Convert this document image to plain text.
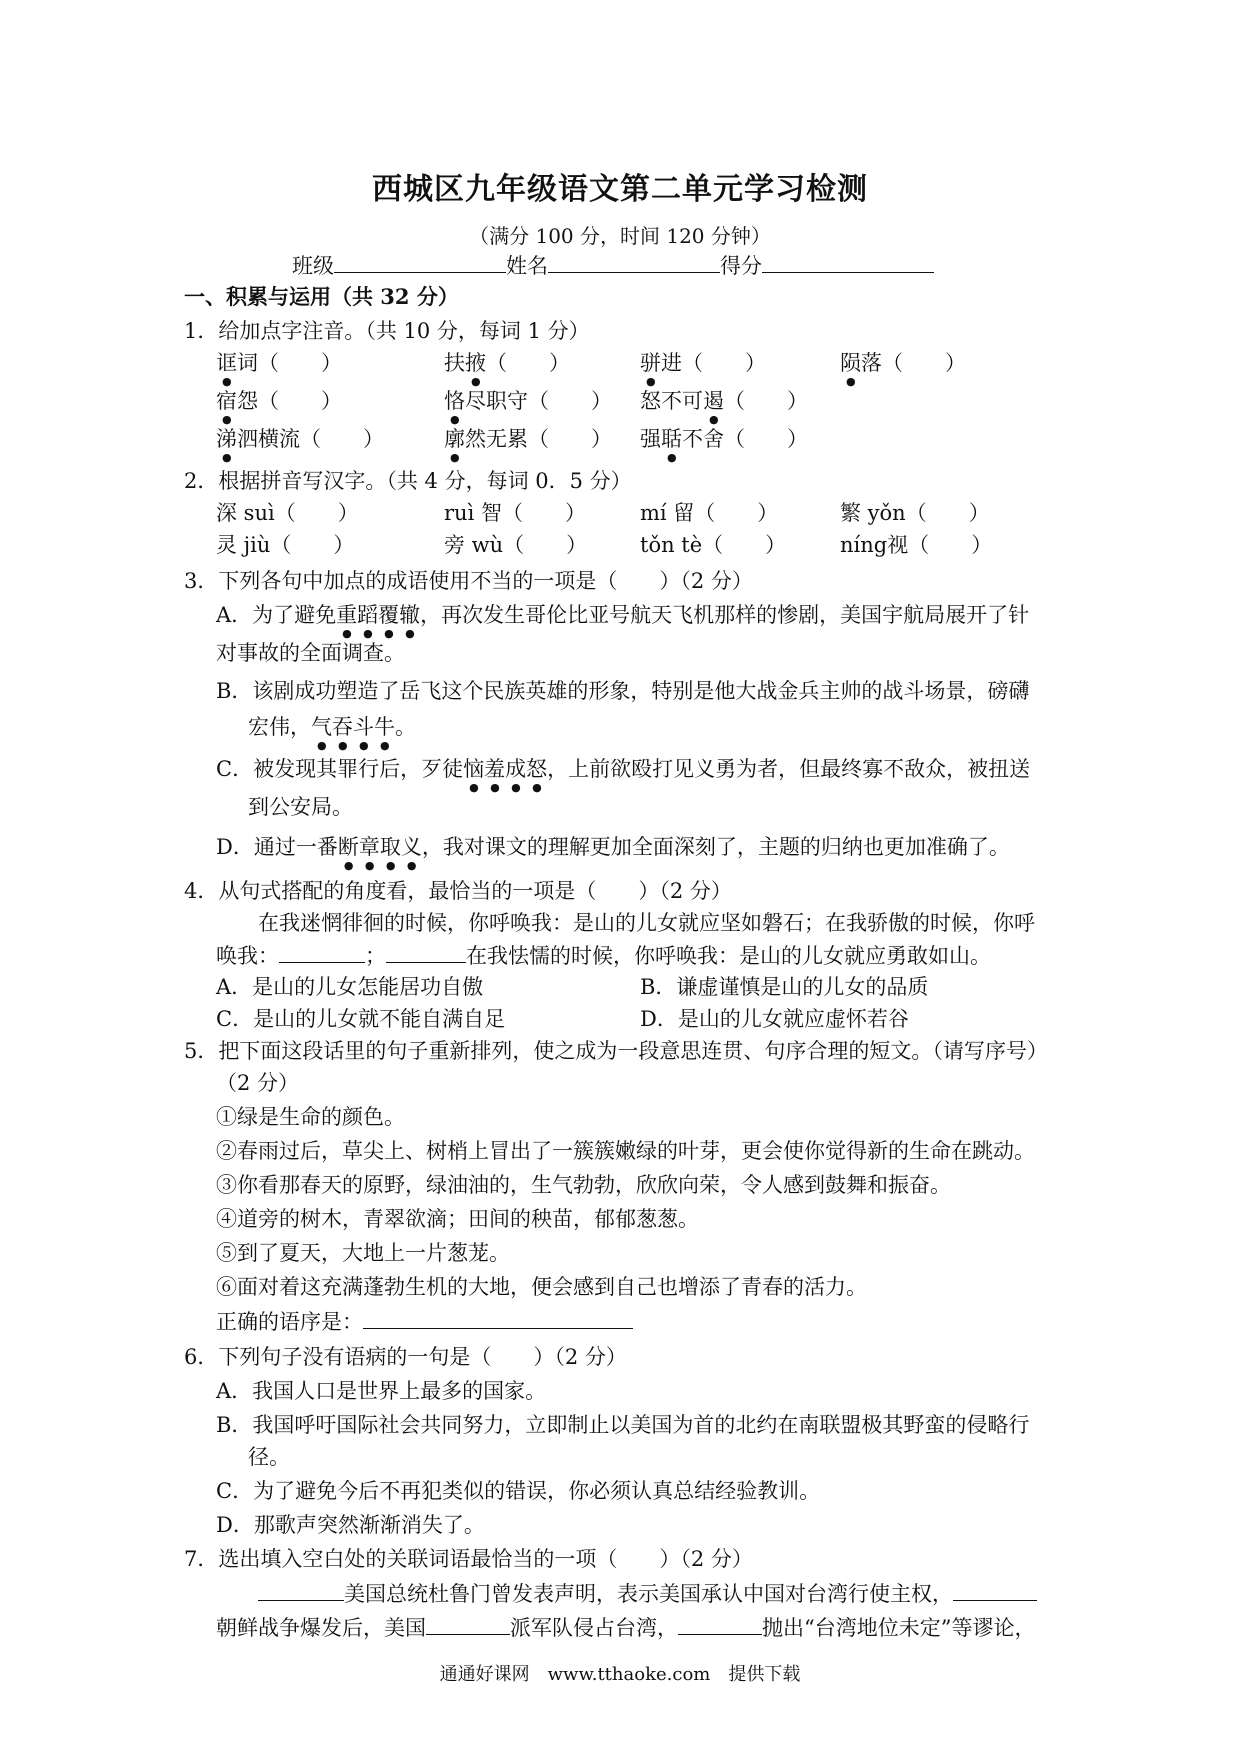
西城区九年级语文第二单元学习检测
（满分 100 分，时间 120 分钟）
班级	姓名	得分
一、积累与运用（共 32 分）
1．给加点字注音。（共 10 分，每词 1 分）
诓词（　　）	扶掖（　　）	骈进（　　）	陨落（　　）
宿怨（　　）	恪尽职守（　　） 怒不可遏（　　）
涕泗横流（　　）	廓然无累（　　） 强聒不舍（　　）
2．根据拼音写汉字。（共 4 分，每词 0．5 分）
深 suì（　　）	ruì 智（　　）	mí 留（　　）	繁 yǒn（　　）
灵 jiù（　　）	旁 wù（　　）	tǒn tè（　　）	níng视（　　）
3．下列各句中加点的成语使用不当的一项是（　　）（2 分）
A．为了避免重蹈覆辙，再次发生哥伦比亚号航天飞机那样的惨剧，美国宇航局展开了针
对事故的全面调查。
B．该剧成功塑造了岳飞这个民族英雄的形象，特别是他大战金兵主帅的战斗场景，磅礴
宏伟，气吞斗牛。
C．被发现其罪行后，歹徒恼羞成怒，上前欲殴打见义勇为者，但最终寡不敌众，被扭送
到公安局。
D．通过一番断章取义，我对课文的理解更加全面深刻了，主题的归纳也更加准确了。
4．从句式搭配的角度看，最恰当的一项是（　　）（2 分）
在我迷惘徘徊的时候，你呼唤我：是山的儿女就应坚如磐石；在我骄傲的时候，你呼
唤我：	；	在我怯懦的时候，你呼唤我：是山的儿女就应勇敢如山。
A．是山的儿女怎能居功自傲	B．谦虚谨慎是山的儿女的品质
C．是山的儿女就不能自满自足	D．是山的儿女就应虚怀若谷
5．把下面这段话里的句子重新排列，使之成为一段意思连贯、句序合理的短文。（请写序号）
（2 分）
①绿是生命的颜色。
②春雨过后，草尖上、树梢上冒出了一簇簇嫩绿的叶芽，更会使你觉得新的生命在跳动。
③你看那春天的原野，绿油油的，生气勃勃，欣欣向荣，令人感到鼓舞和振奋。
④道旁的树木，青翠欲滴；田间的秧苗，郁郁葱葱。
⑤到了夏天，大地上一片葱茏。
⑥面对着这充满蓬勃生机的大地，便会感到自己也增添了青春的活力。
正确的语序是：
6．下列句子没有语病的一句是（　　）（2 分）
A．我国人口是世界上最多的国家。
B．我国呼吁国际社会共同努力，立即制止以美国为首的北约在南联盟极其野蛮的侵略行
径。
C．为了避免今后不再犯类似的错误，你必须认真总结经验教训。
D．那歌声突然渐渐消失了。
7．选出填入空白处的关联词语最恰当的一项（　　）（2 分）
美国总统杜鲁门曾发表声明，表示美国承认中国对台湾行使主权，
朝鲜战争爆发后，美国	派军队侵占台湾，	抛出“台湾地位未定”等谬论，
通通好课网　www.tthaoke.com　提供下载
